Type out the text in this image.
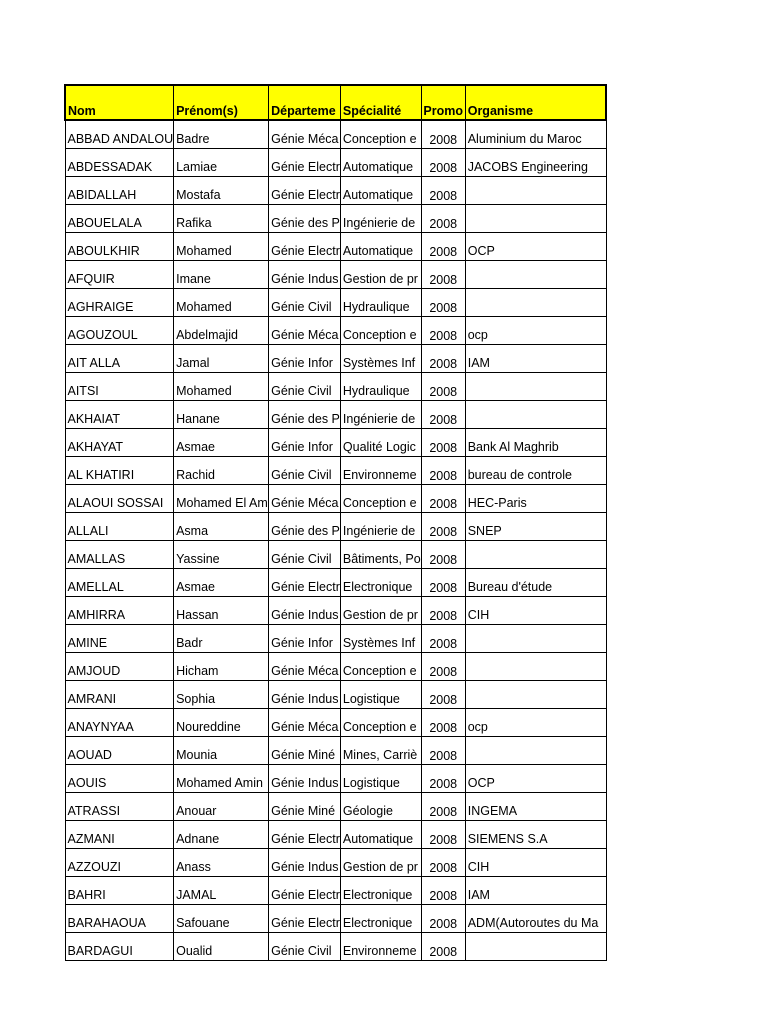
Nom	Prénom(s)	Départeme	Spécialité	Promo	Organisme
ABBAD ANDALOU	Badre	Génie Méca	Conception e	2008	Aluminium du Maroc
ABDESSADAK	Lamiae	Génie Electr	Automatique	2008	JACOBS Engineering
ABIDALLAH	Mostafa	Génie Electr	Automatique	2008	
ABOUELALA	Rafika	Génie des P	Ingénierie de	2008	
ABOULKHIR	Mohamed	Génie Electr	Automatique	2008	OCP
AFQUIR	Imane	Génie Indus	Gestion de pr	2008	
AGHRAIGE	Mohamed	Génie Civil	Hydraulique	2008	
AGOUZOUL	Abdelmajid	Génie Méca	Conception e	2008	ocp
AIT ALLA	Jamal	Génie Infor	Systèmes Inf	2008	IAM
AITSI	Mohamed	Génie Civil	Hydraulique	2008	
AKHAIAT	Hanane	Génie des P	Ingénierie de	2008	
AKHAYAT	Asmae	Génie Infor	Qualité Logic	2008	Bank Al Maghrib
AL KHATIRI	Rachid	Génie Civil	Environneme	2008	bureau de controle
ALAOUI SOSSAI	Mohamed El Am	Génie Méca	Conception e	2008	HEC-Paris
ALLALI	Asma	Génie des P	Ingénierie de	2008	SNEP
AMALLAS	Yassine	Génie Civil	Bâtiments, Po	2008	
AMELLAL	Asmae	Génie Electr	Electronique	2008	Bureau d'étude
AMHIRRA	Hassan	Génie Indus	Gestion de pr	2008	CIH
AMINE	Badr	Génie Infor	Systèmes Inf	2008	
AMJOUD	Hicham	Génie Méca	Conception e	2008	
AMRANI	Sophia	Génie Indus	Logistique	2008	
ANAYNYAA	Noureddine	Génie Méca	Conception e	2008	ocp
AOUAD	Mounia	Génie Miné	Mines, Carriè	2008	
AOUIS	Mohamed Amin	Génie Indus	Logistique	2008	OCP
ATRASSI	Anouar	Génie Miné	Géologie	2008	INGEMA
AZMANI	Adnane	Génie Electr	Automatique	2008	SIEMENS S.A
AZZOUZI	Anass	Génie Indus	Gestion de pr	2008	CIH
BAHRI	JAMAL	Génie Electr	Electronique	2008	IAM
BARAHAOUA	Safouane	Génie Electr	Electronique	2008	ADM(Autoroutes du Ma
BARDAGUI	Oualid	Génie Civil	Environneme	2008	
